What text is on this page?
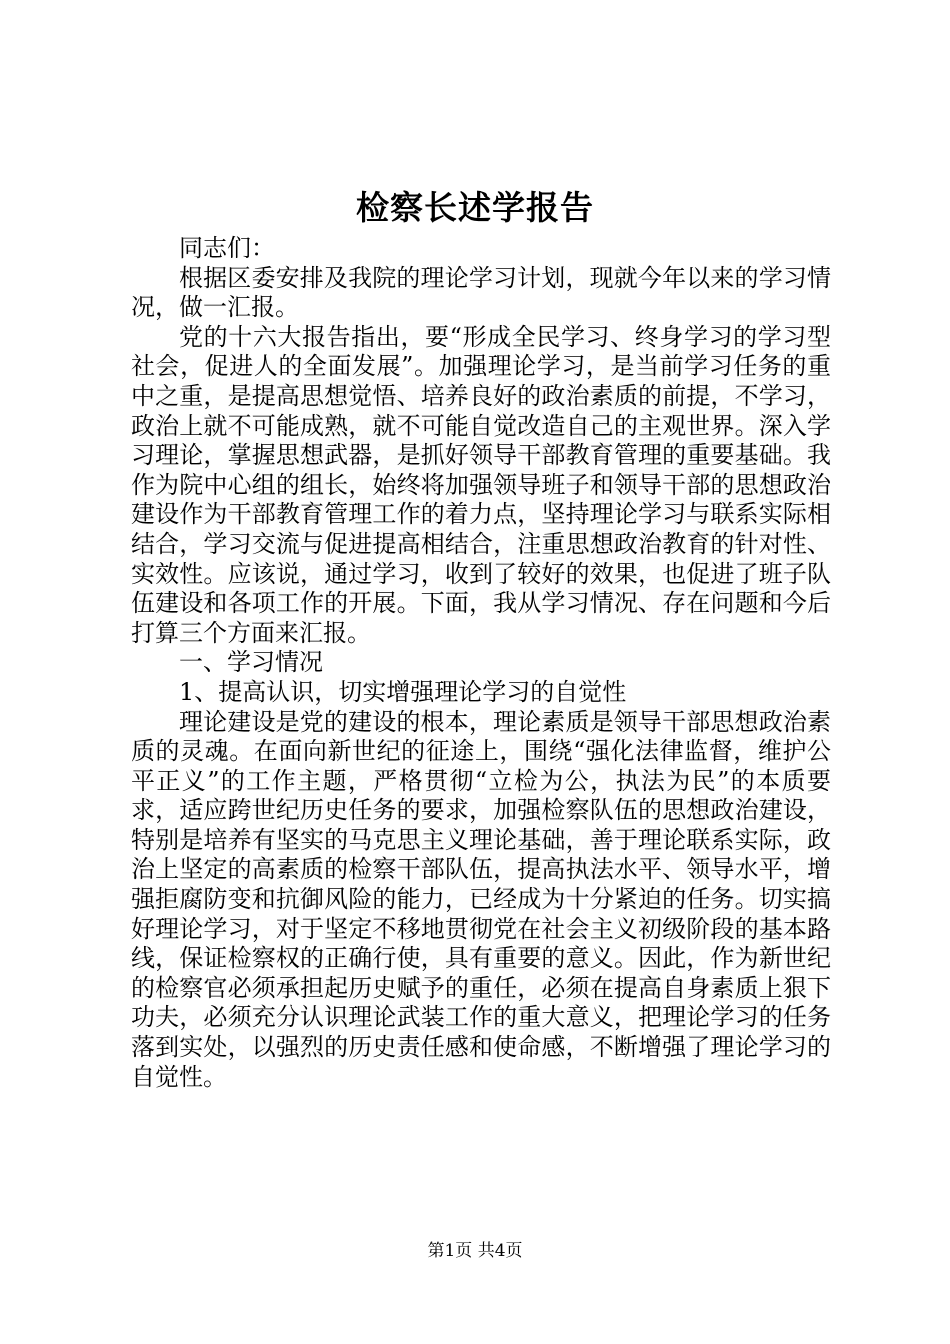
检察长述学报告

同志们：

根据区委安排及我院的理论学习计划，现就今年以来的学习情况，做一汇报。

党的十六大报告指出，要“形成全民学习、终身学习的学习型社会，促进人的全面发展”。加强理论学习，是当前学习任务的重中之重，是提高思想觉悟、培养良好的政治素质的前提，不学习，政治上就不可能成熟，就不可能自觉改造自己的主观世界。深入学习理论，掌握思想武器，是抓好领导干部教育管理的重要基础。我作为院中心组的组长，始终将加强领导班子和领导干部的思想政治建设作为干部教育管理工作的着力点，坚持理论学习与联系实际相结合，学习交流与促进提高相结合，注重思想政治教育的针对性、实效性。应该说，通过学习，收到了较好的效果，也促进了班子队伍建设和各项工作的开展。下面，我从学习情况、存在问题和今后打算三个方面来汇报。

一、学习情况

1、提高认识，切实增强理论学习的自觉性

理论建设是党的建设的根本，理论素质是领导干部思想政治素质的灵魂。在面向新世纪的征途上，围绕“强化法律监督，维护公平正义”的工作主题，严格贯彻“立检为公，执法为民”的本质要求，适应跨世纪历史任务的要求，加强检察队伍的思想政治建设，特别是培养有坚实的马克思主义理论基础，善于理论联系实际，政治上坚定的高素质的检察干部队伍，提高执法水平、领导水平，增强拒腐防变和抗御风险的能力，已经成为十分紧迫的任务。切实搞好理论学习，对于坚定不移地贯彻党在社会主义初级阶段的基本路线，保证检察权的正确行使，具有重要的意义。因此，作为新世纪的检察官必须承担起历史赋予的重任，必须在提高自身素质上狠下功夫，必须充分认识理论武装工作的重大意义，把理论学习的任务落到实处，以强烈的历史责任感和使命感，不断增强了理论学习的自觉性。

第1页 共4页
